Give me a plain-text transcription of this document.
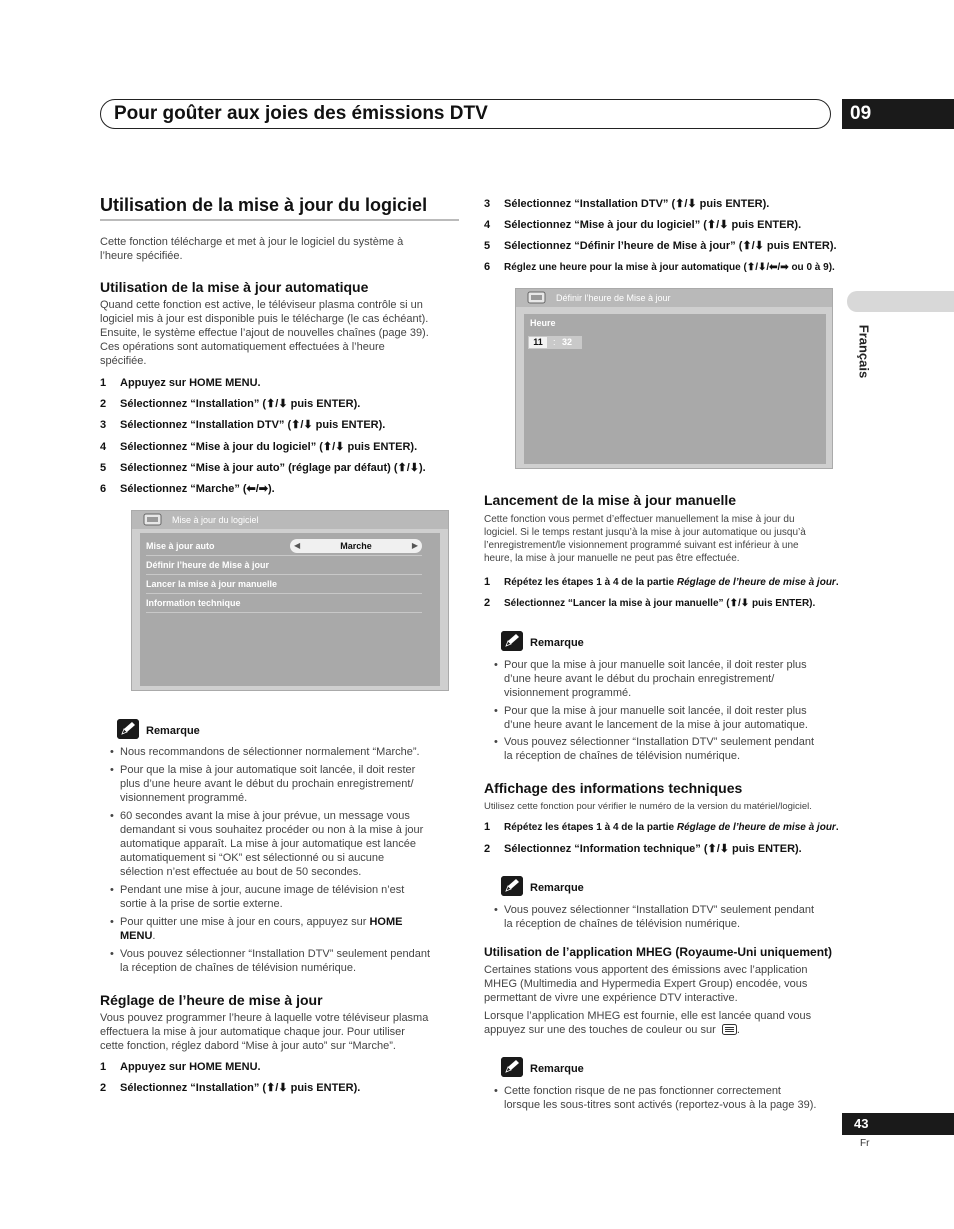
Pour goûter aux joies des émissions DTV	09
Français
Utilisation de la mise à jour du logiciel
Cette fonction télécharge et met à jour le logiciel du système à
l’heure spécifiée.
Utilisation de la mise à jour automatique
Quand cette fonction est active, le téléviseur plasma contrôle si un
logiciel mis à jour est disponible puis le télécharge (le cas échéant).
Ensuite, le système effectue l’ajout de nouvelles chaînes (page 39).
Ces opérations sont automatiquement effectuées à l’heure
spécifiée.
1 Appuyez sur HOME MENU.
2 Sélectionnez “Installation” (⬆/⬇ puis ENTER).
3 Sélectionnez “Installation DTV” (⬆/⬇ puis ENTER).
4 Sélectionnez “Mise à jour du logiciel” (⬆/⬇ puis ENTER).
5 Sélectionnez “Mise à jour auto” (réglage par défaut) (⬆/⬇).
6 Sélectionnez “Marche” (⬅/➡).
Mise à jour du logiciel
Mise à jour auto	◀	Marche	▶
Définir l’heure de Mise à jour
Lancer la mise à jour manuelle
Information technique
Remarque
• Nous recommandons de sélectionner normalement “Marche”.
• Pour que la mise à jour automatique soit lancée, il doit rester
plus d’une heure avant le début du prochain enregistrement/
visionnement programmé.
• 60 secondes avant la mise à jour prévue, un message vous
demandant si vous souhaitez procéder ou non à la mise à jour
automatique apparaît. La mise à jour automatique est lancée
automatiquement si “OK” est sélectionné ou si aucune
sélection n’est effectuée au bout de 50 secondes.
• Pendant une mise à jour, aucune image de télévision n’est
sortie à la prise de sortie externe.
• Pour quitter une mise à jour en cours, appuyez sur HOME
MENU.
• Vous pouvez sélectionner “Installation DTV” seulement pendant
la réception de chaînes de télévision numérique.
Réglage de l’heure de mise à jour
Vous pouvez programmer l’heure à laquelle votre téléviseur plasma
effectuera la mise à jour automatique chaque jour. Pour utiliser
cette fonction, réglez dabord “Mise à jour auto” sur “Marche”.
1 Appuyez sur HOME MENU.
2 Sélectionnez “Installation” (⬆/⬇ puis ENTER).
3 Sélectionnez “Installation DTV” (⬆/⬇ puis ENTER).
4 Sélectionnez “Mise à jour du logiciel” (⬆/⬇ puis ENTER).
5 Sélectionnez “Définir l’heure de Mise à jour” (⬆/⬇ puis ENTER).
6 Réglez une heure pour la mise à jour automatique (⬆/⬇/⬅/➡ ou 0 à 9).
Définir l’heure de Mise à jour
Heure
11	: 32
Lancement de la mise à jour manuelle
Cette fonction vous permet d’effectuer manuellement la mise à jour du
logiciel. Si le temps restant jusqu’à la mise à jour automatique ou jusqu’à
l’enregistrement/le visionnement programmé suivant est inférieur à une
heure, la mise à jour manuelle ne peut pas être effectuée.
1 Répétez les étapes 1 à 4 de la partie Réglage de l’heure de mise à jour.
2 Sélectionnez “Lancer la mise à jour manuelle” (⬆/⬇ puis ENTER).
Remarque
• Pour que la mise à jour manuelle soit lancée, il doit rester plus
d’une heure avant le début du prochain enregistrement/
visionnement programmé.
• Pour que la mise à jour manuelle soit lancée, il doit rester plus
d’une heure avant le lancement de la mise à jour automatique.
• Vous pouvez sélectionner “Installation DTV” seulement pendant
la réception de chaînes de télévision numérique.
Affichage des informations techniques
Utilisez cette fonction pour vérifier le numéro de la version du matériel/logiciel.
1 Répétez les étapes 1 à 4 de la partie Réglage de l’heure de mise à jour.
2 Sélectionnez “Information technique” (⬆/⬇ puis ENTER).
Remarque
• Vous pouvez sélectionner “Installation DTV” seulement pendant
la réception de chaînes de télévision numérique.
Utilisation de l’application MHEG (Royaume-Uni uniquement)
Certaines stations vous apportent des émissions avec l’application
MHEG (Multimedia and Hypermedia Expert Group) encodée, vous
permettant de vivre une expérience DTV interactive.
Lorsque l’application MHEG est fournie, elle est lancée quand vous
appuyez sur une des touches de couleur ou sur .
Remarque
• Cette fonction risque de ne pas fonctionner correctement
lorsque les sous-titres sont activés (reportez-vous à la page 39).
43
Fr
